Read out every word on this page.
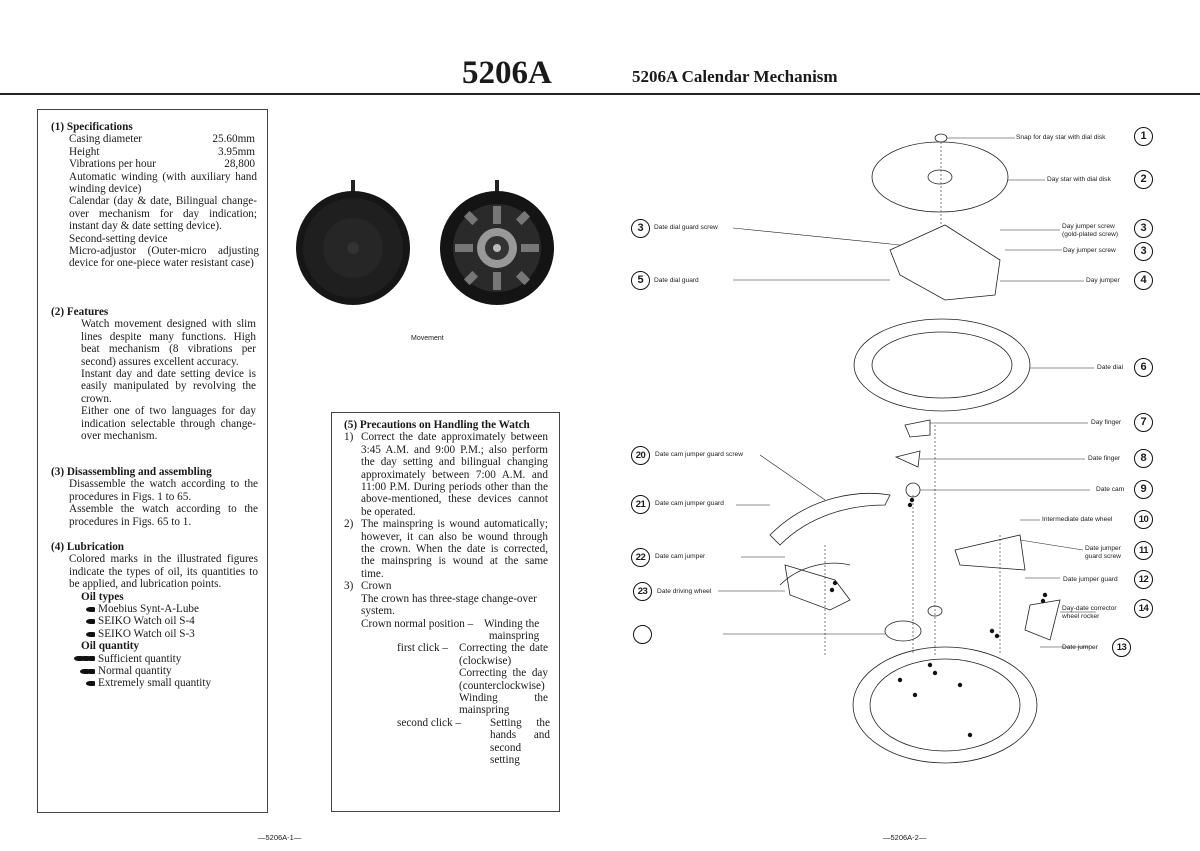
5206A	5206A Calendar Mechanism
(1) Specifications
Casing diameter	25.60mm
Height	3.95mm
Vibrations per hour	28,800
Automatic winding (with auxiliary hand winding device)
Calendar (day & date, Bilingual change-over mechanism for day indication; instant day & date setting device).
Second-setting device
Micro-adjustor (Outer-micro adjusting device for one-piece water resistant case)
(2) Features
Watch movement designed with slim lines despite many functions. High beat mechanism (8 vibrations per second) assures excellent accuracy.
Instant day and date setting device is easily manipulated by revolving the crown.
Either one of two languages for day indication selectable through change-over mechanism.
(3) Disassembling and assembling
Disassemble the watch according to the procedures in Figs. 1 to 65.
Assemble the watch according to the procedures in Figs. 65 to 1.
(4) Lubrication
Colored marks in the illustrated figures indicate the types of oil, its quantities to be applied, and lubrication points.
Oil types
Moebius Synt-A-Lube
SEIKO Watch oil S-4
SEIKO Watch oil S-3
Oil quantity
Sufficient quantity
Normal quantity
Extremely small quantity
Movement
(5) Precautions on Handling the Watch
1) Correct the date approximately between 3:45 A.M. and 9:00 P.M.; also perform the day setting and bilingual changing approximately between 7:00 A.M. and 11:00 P.M. During periods other than the above-mentioned, these devices cannot be operated.
2) The mainspring is wound automatically; however, it can also be wound through the crown. When the date is corrected, the mainspring is wound at the same time.
3) Crown
The crown has three-stage change-over system.
Crown normal position – Winding the mainspring
first click – Correcting the date (clockwise)
Correcting the day (counterclockwise)
Winding the mainspring
second click –	Setting the hands and second setting
—5206A-1—	—5206A-2—
Snap for day star with dial disk	1
Day star with dial disk	2
Day jumper screw
(gold-plated screw)
3
Day jumper screw	3
Day jumper	4
Date dial	6
Day finger	7
Date finger	8
Date cam	9
Intermediate date wheel	10
Date jumper
guard screw
11
Date jumper guard	12
Day-date corrector
wheel rocker
14
Date jumper	13
3	Date dial guard screw
5	Date dial guard
20	Date cam jumper guard screw
21	Date cam jumper guard
22	Date cam jumper
23	Date driving wheel
